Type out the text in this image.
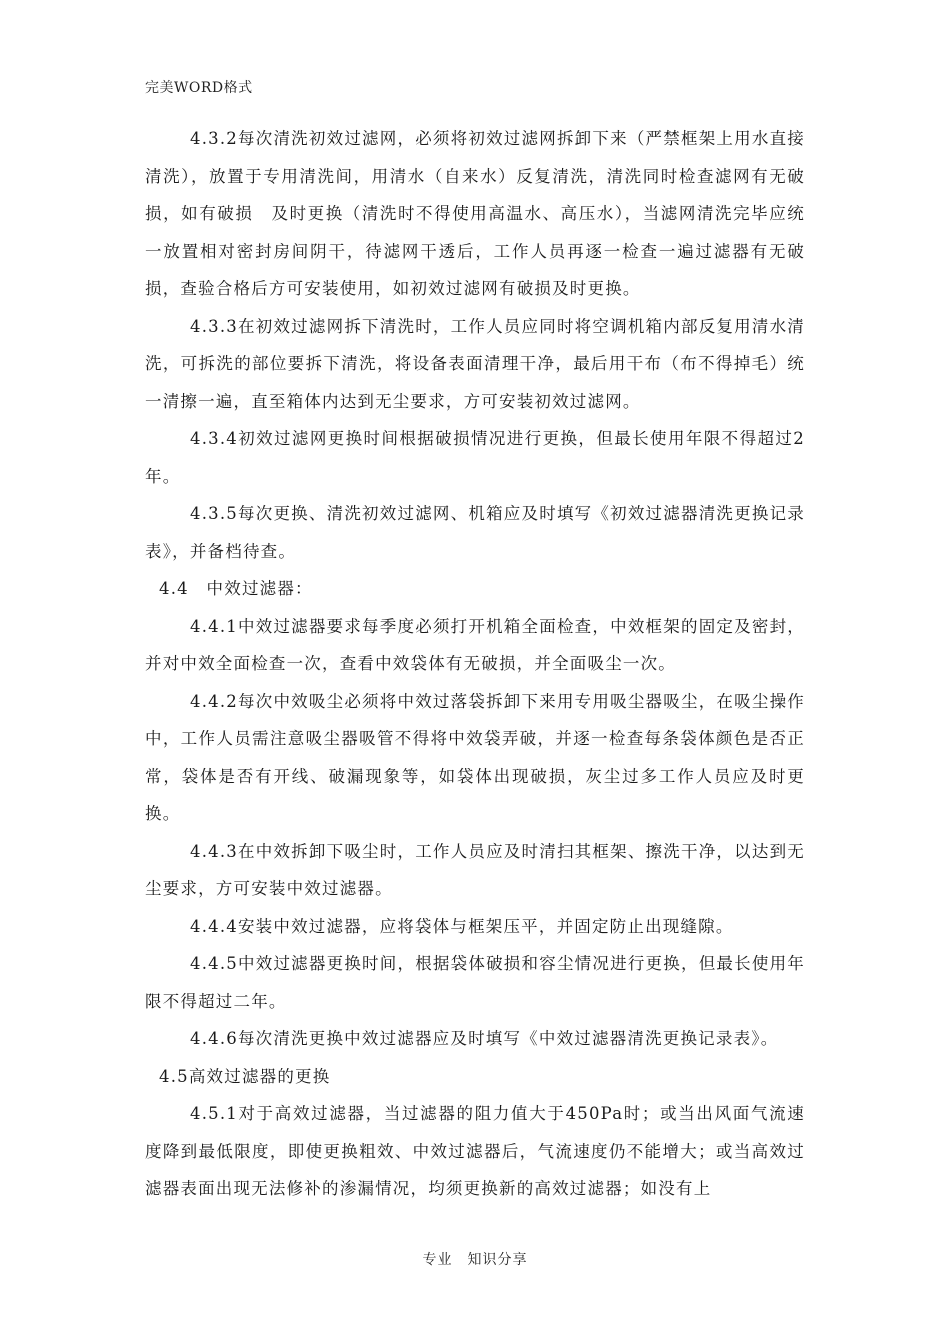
完美WORD格式

4.3.2每次清洗初效过滤网，必须将初效过滤网拆卸下来（严禁框架上用水直接清洗），放置于专用清洗间，用清水（自来水）反复清洗，清洗同时检查滤网有无破损，如有破损　及时更换（清洗时不得使用高温水、高压水），当滤网清洗完毕应统一放置相对密封房间阴干，待滤网干透后，工作人员再逐一检查一遍过滤器有无破损，查验合格后方可安装使用，如初效过滤网有破损及时更换。

4.3.3在初效过滤网拆下清洗时，工作人员应同时将空调机箱内部反复用清水清洗，可拆洗的部位要拆下清洗，将设备表面清理干净，最后用干布（布不得掉毛）统一清擦一遍，直至箱体内达到无尘要求，方可安装初效过滤网。

4.3.4初效过滤网更换时间根据破损情况进行更换，但最长使用年限不得超过2年。

4.3.5每次更换、清洗初效过滤网、机箱应及时填写《初效过滤器清洗更换记录表》，并备档待查。

4.4　中效过滤器：

4.4.1中效过滤器要求每季度必须打开机箱全面检查，中效框架的固定及密封，并对中效全面检查一次，查看中效袋体有无破损，并全面吸尘一次。

4.4.2每次中效吸尘必须将中效过落袋拆卸下来用专用吸尘器吸尘，在吸尘操作中，工作人员需注意吸尘器吸管不得将中效袋弄破，并逐一检查每条袋体颜色是否正常，袋体是否有开线、破漏现象等，如袋体出现破损，灰尘过多工作人员应及时更换。

4.4.3在中效拆卸下吸尘时，工作人员应及时清扫其框架、擦洗干净，以达到无尘要求，方可安装中效过滤器。

4.4.4安装中效过滤器，应将袋体与框架压平，并固定防止出现缝隙。

4.4.5中效过滤器更换时间，根据袋体破损和容尘情况进行更换，但最长使用年限不得超过二年。

4.4.6每次清洗更换中效过滤器应及时填写《中效过滤器清洗更换记录表》。

4.5高效过滤器的更换

4.5.1对于高效过滤器，当过滤器的阻力值大于450Pa时；或当出风面气流速度降到最低限度，即使更换粗效、中效过滤器后，气流速度仍不能增大；或当高效过滤器表面出现无法修补的渗漏情况，均须更换新的高效过滤器；如没有上

专业　知识分享
